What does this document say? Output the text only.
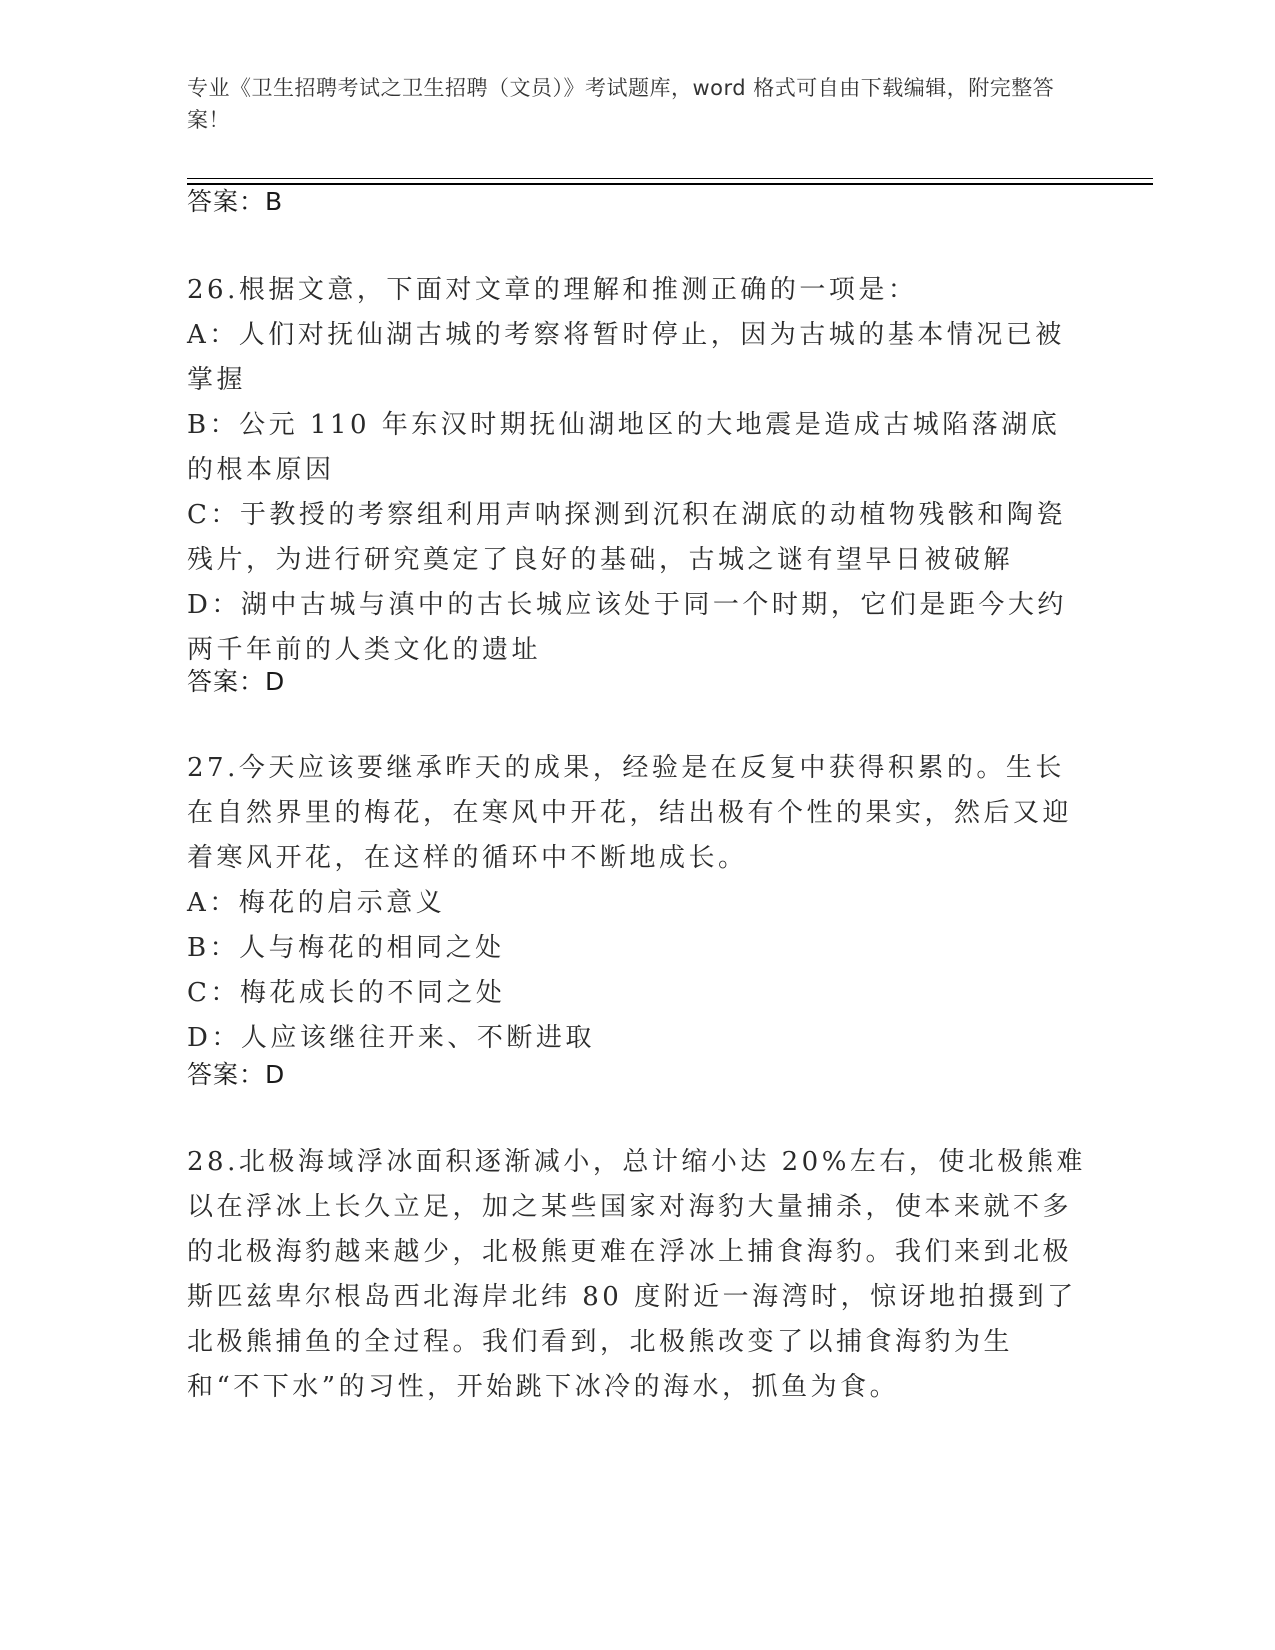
专业《卫生招聘考试之卫生招聘（文员）》考试题库，word 格式可自由下载编辑，附完整答案！
答案：B

26.根据文意，下面对文章的理解和推测正确的一项是：

A：人们对抚仙湖古城的考察将暂时停止，因为古城的基本情况已被掌握

B：公元 110 年东汉时期抚仙湖地区的大地震是造成古城陷落湖底的根本原因

C：于教授的考察组利用声呐探测到沉积在湖底的动植物残骸和陶瓷残片，为进行研究奠定了良好的基础，古城之谜有望早日被破解

D：湖中古城与滇中的古长城应该处于同一个时期，它们是距今大约两千年前的人类文化的遗址

答案：D

27.今天应该要继承昨天的成果，经验是在反复中获得积累的。生长在自然界里的梅花，在寒风中开花，结出极有个性的果实，然后又迎着寒风开花，在这样的循环中不断地成长。

A：梅花的启示意义

B：人与梅花的相同之处

C：梅花成长的不同之处

D：人应该继往开来、不断进取

答案：D

28.北极海域浮冰面积逐渐减小，总计缩小达 20%左右，使北极熊难以在浮冰上长久立足，加之某些国家对海豹大量捕杀，使本来就不多的北极海豹越来越少，北极熊更难在浮冰上捕食海豹。我们来到北极斯匹兹卑尔根岛西北海岸北纬 80 度附近一海湾时，惊讶地拍摄到了北极熊捕鱼的全过程。我们看到，北极熊改变了以捕食海豹为生和“不下水”的习性，开始跳下冰冷的海水，抓鱼为食。
